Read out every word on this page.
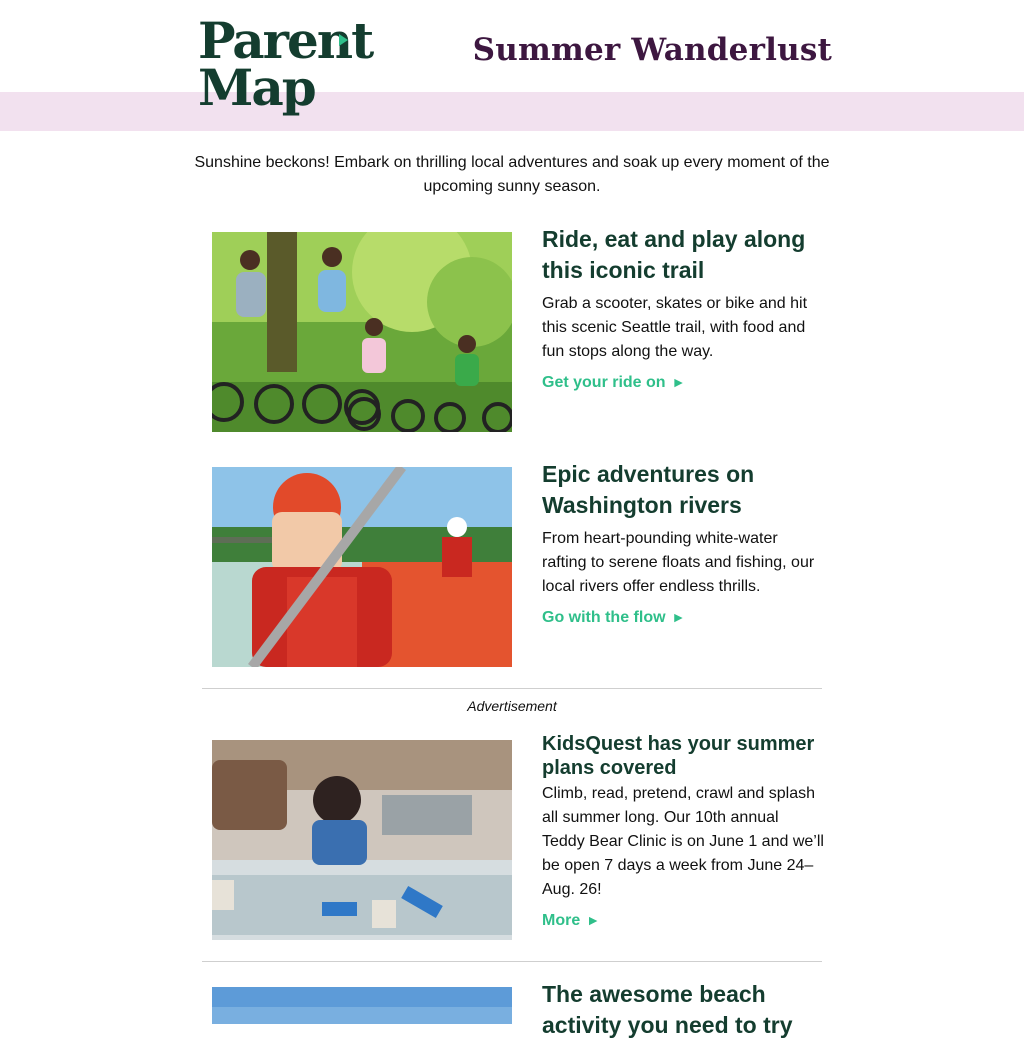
Parent
Map
Summer Wanderlust
Sunshine beckons! Embark on thrilling local adventures and soak up every moment of the upcoming sunny season.
Ride, eat and play along this iconic trail

Grab a scooter, skates or bike and hit this scenic Seattle trail, with food and fun stops along the way.

Get your ride on ►
Epic adventures on Washington rivers

From heart-pounding white-water rafting to serene floats and fishing, our local rivers offer endless thrills.

Go with the flow ►
Advertisement
KidsQuest has your summer plans covered

Climb, read, pretend, crawl and splash all summer long. Our 10th annual Teddy Bear Clinic is on June 1 and we’ll be open 7 days a week from June 24–Aug. 26!

More ►
The awesome beach activity you need to try
